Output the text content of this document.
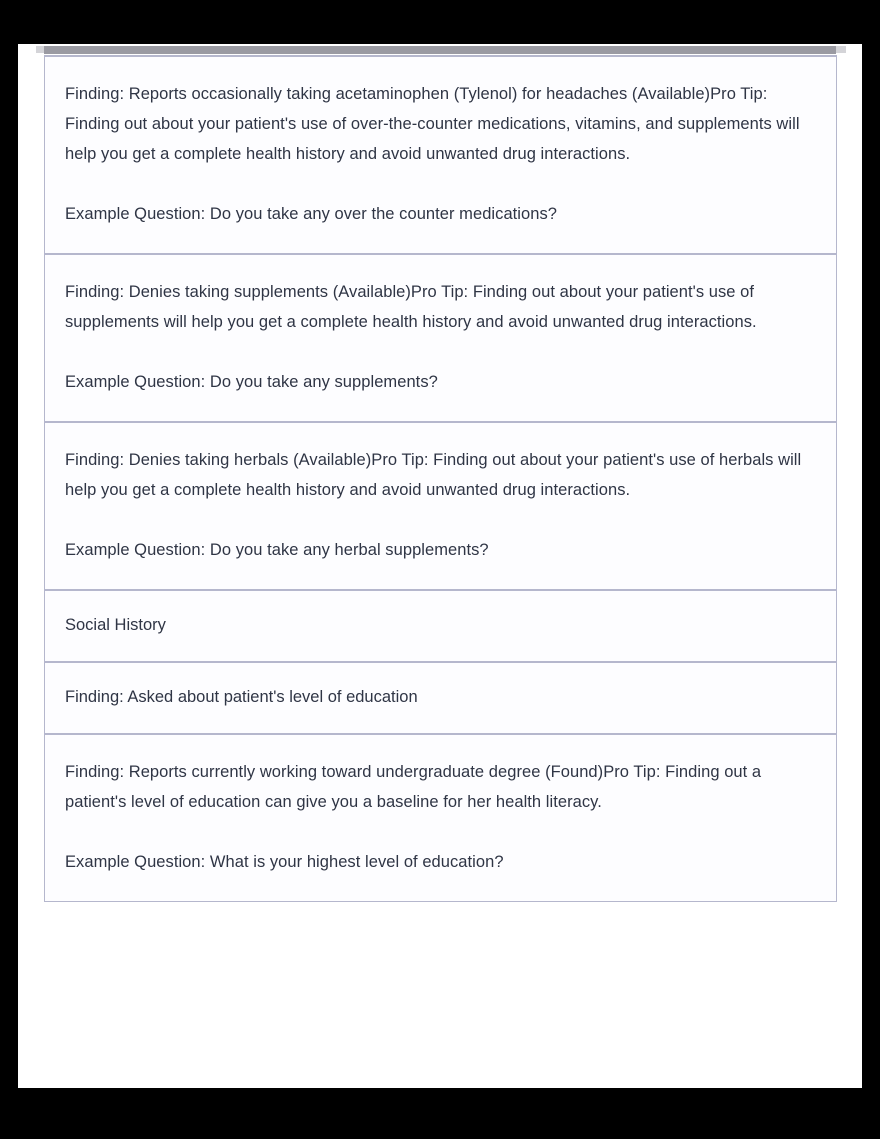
Finding: Reports occasionally taking acetaminophen (Tylenol) for headaches (Available)Pro Tip: Finding out about your patient's use of over-the-counter medications, vitamins, and supplements will help you get a complete health history and avoid unwanted drug interactions.

Example Question: Do you take any over the counter medications?

Finding: Denies taking supplements (Available)Pro Tip: Finding out about your patient's use of supplements will help you get a complete health history and avoid unwanted drug interactions.

Example Question: Do you take any supplements?

Finding: Denies taking herbals (Available)Pro Tip: Finding out about your patient's use of herbals will help you get a complete health history and avoid unwanted drug interactions.

Example Question: Do you take any herbal supplements?

Social History

Finding: Asked about patient's level of education

Finding: Reports currently working toward undergraduate degree (Found)Pro Tip: Finding out a patient's level of education can give you a baseline for her health literacy.

Example Question: What is your highest level of education?
